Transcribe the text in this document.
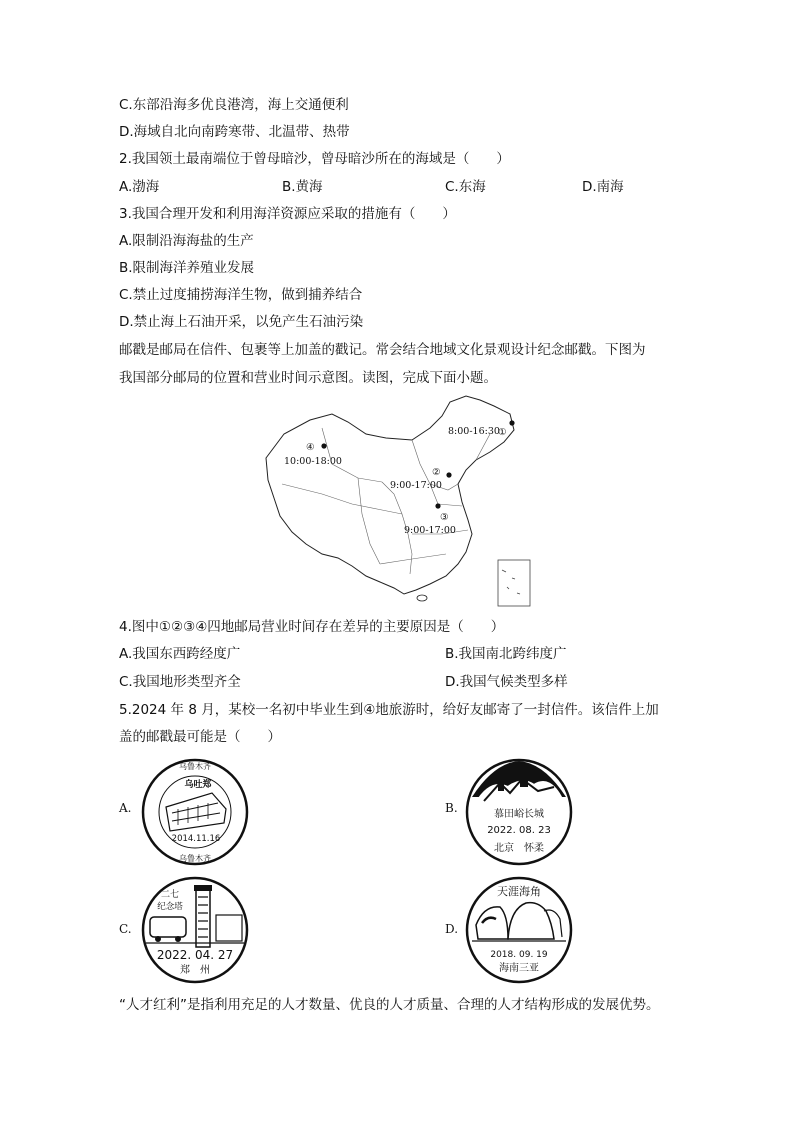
C.东部沿海多优良港湾，海上交通便利
D.海域自北向南跨寒带、北温带、热带
2.我国领土最南端位于曾母暗沙，曾母暗沙所在的海域是（　　）
A.渤海	B.黄海	C.东海	D.南海
3.我国合理开发和利用海洋资源应采取的措施有（　　）
A.限制沿海海盐的生产
B.限制海洋养殖业发展
C.禁止过度捕捞海洋生物，做到捕养结合
D.禁止海上石油开采，以免产生石油污染
邮戳是邮局在信件、包裹等上加盖的戳记。常会结合地域文化景观设计纪念邮戳。下图为
我国部分邮局的位置和营业时间示意图。读图，完成下面小题。
8:00-16:30
①
④
10:00-18:00
②
9:00-17:00
③
9:00-17:00
4.图中①②③④四地邮局营业时间存在差异的主要原因是（　　）
A.我国东西跨经度广	B.我国南北跨纬度广
C.我国地形类型齐全	D.我国气候类型多样
5.2024 年 8 月，某校一名初中毕业生到④地旅游时，给好友邮寄了一封信件。该信件上加
盖的邮戳最可能是（　　）
A.
乌鲁木齐
乌吐郑
2014.11.16
乌鲁木齐
B.	慕田峪长城
2022. 08. 23
北京　怀柔
C.
二七
纪念塔
2022. 04. 27
郑　州
D.
天涯海角
2018. 09. 19
海南三亚
“人才红利”是指利用充足的人才数量、优良的人才质量、合理的人才结构形成的发展优势。
